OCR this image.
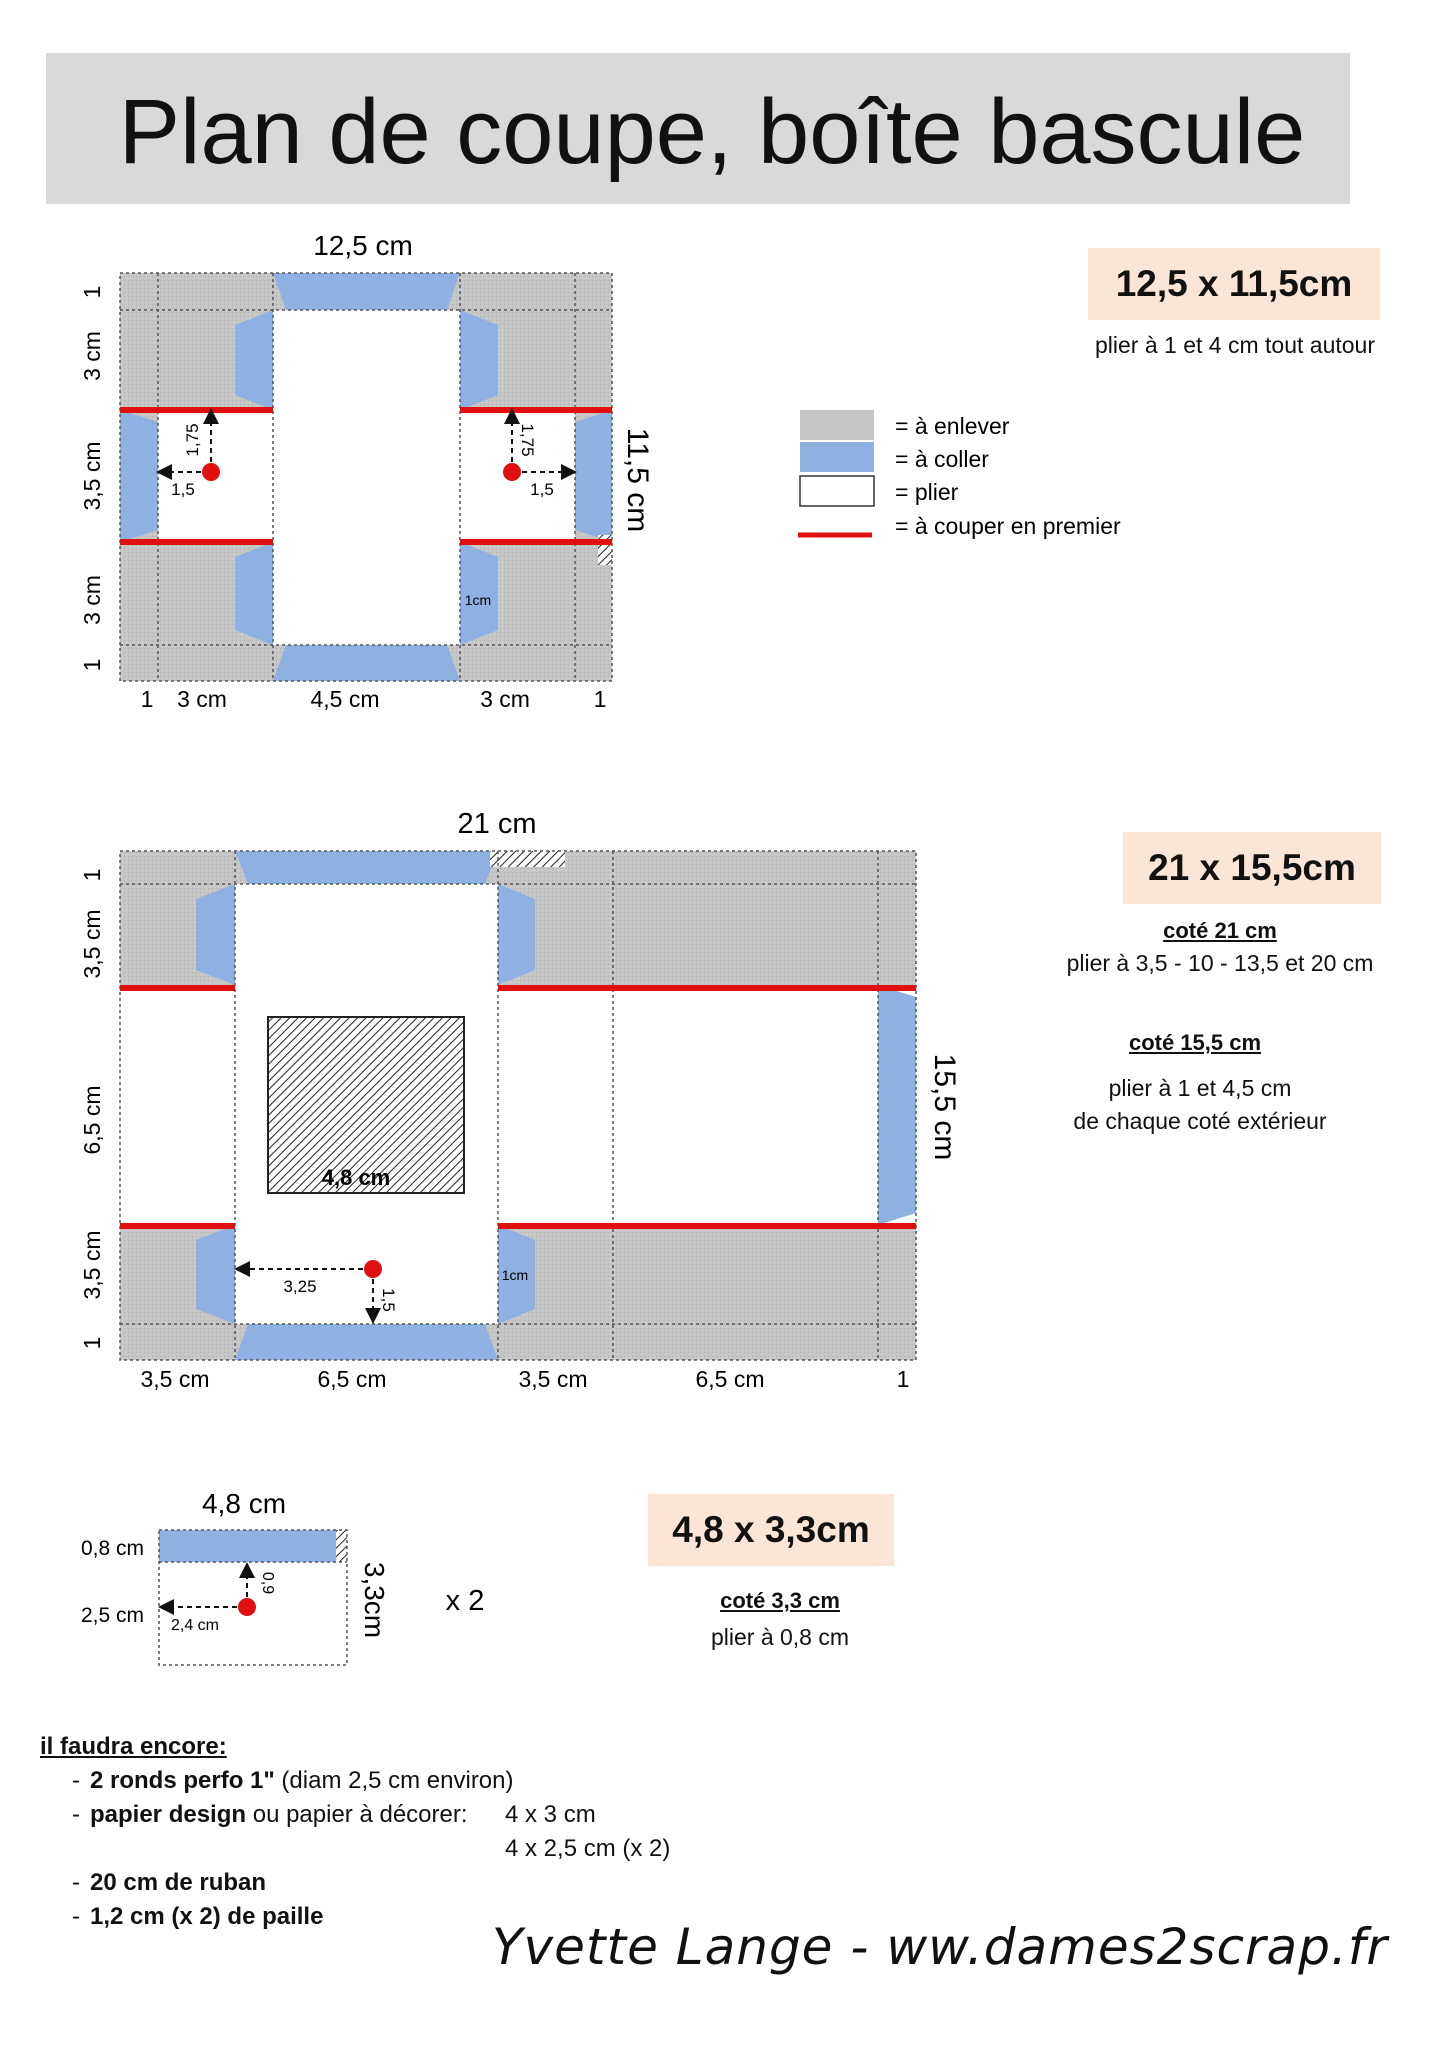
Plan de coupe, boîte bascule
1,75
1,5
1,75
1,5
1cm
12,5 cm
11,5 cm
1 3 cm	4,5 cm	3 cm	1
1
3 cm
3,5 cm
3 cm
1
= à enlever
= à coller
= plier
= à couper en premier
4,8 cm
3,25
1,5
1cm
21 cm
15,5 cm
3,5 cm	6,5 cm	3,5 cm	6,5 cm	1
1
3,5 cm
6,5 cm
3,5 cm
1
2,4 cm
0,9
4,8 cm
3,3cm
0,8 cm
2,5 cm	x 2
12,5 x 11,5cm
plier à 1 et 4 cm tout autour
21 x 15,5cm
coté 21 cm
plier à 3,5 - 10 - 13,5 et 20 cm
coté 15,5 cm
plier à 1 et 4,5 cm
de chaque coté extérieur
4,8 x 3,3cm
coté 3,3 cm
plier à 0,8 cm
il faudra encore:
- 2 ronds perfo 1" (diam 2,5 cm environ)
- papier design ou papier à décorer: 4 x 3 cm
4 x 2,5 cm (x 2)
- 20 cm de ruban
- 1,2 cm (x 2) de paille
Yvette Lange - ww.dames2scrap.fr
